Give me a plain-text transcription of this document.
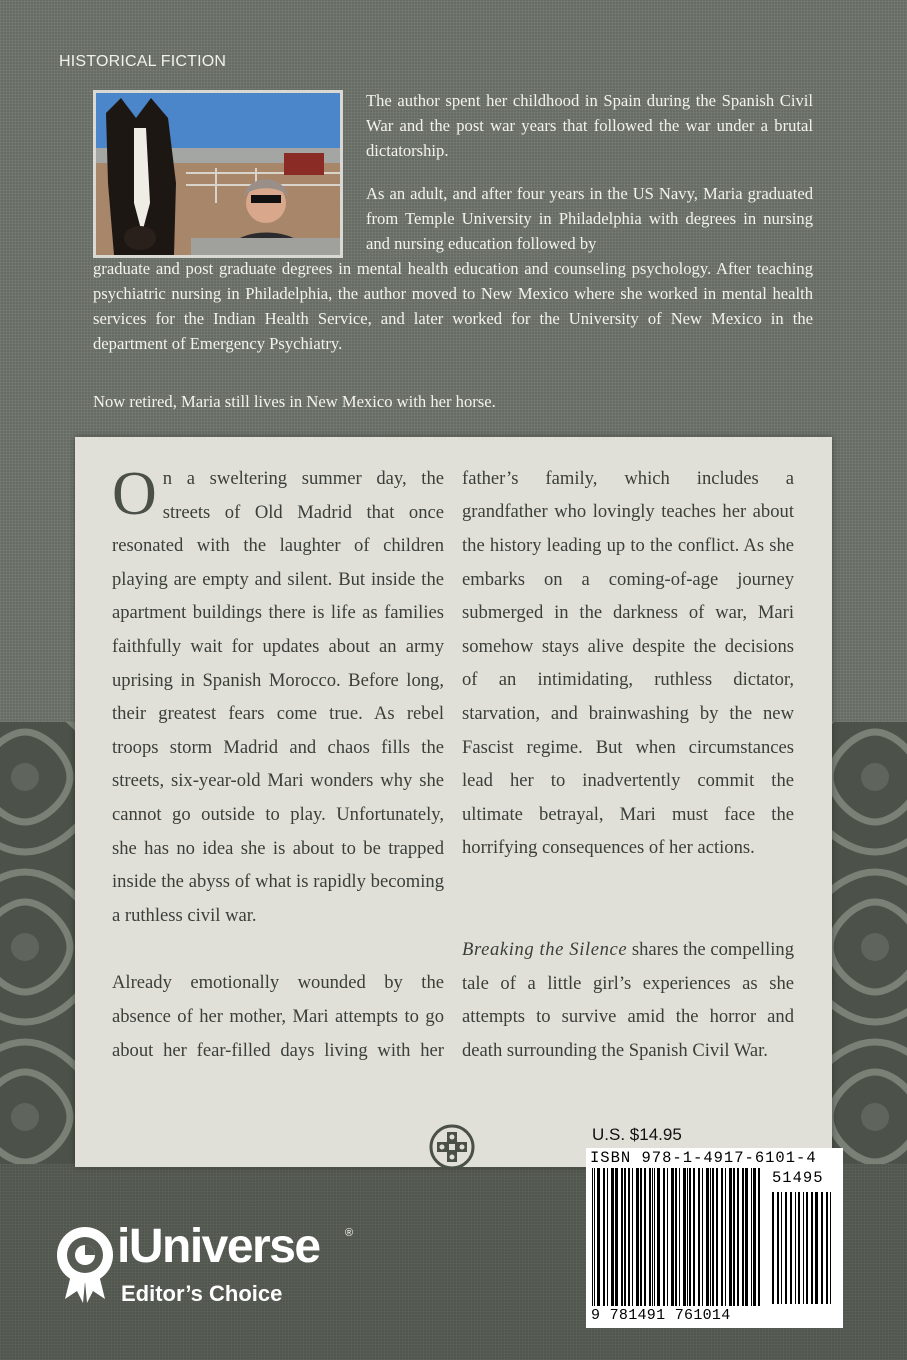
HISTORICAL FICTION

The author spent her childhood in Spain during the Spanish Civil War and the post war years that followed the war under a brutal dictatorship.

As an adult, and after four years in the US Navy, Maria graduated from Temple University in Philadelphia with degrees in nursing and nursing education followed by

graduate and post graduate degrees in mental health education and counseling psychology. After teaching psychiatric nursing in Philadelphia, the author moved to New Mexico where she worked in mental health services for the Indian Health Service, and later worked for the University of New Mexico in the department of Emergency Psychiatry.

Now retired, Maria still lives in New Mexico with her horse.

On a sweltering summer day, the streets of Old Madrid that once resonated with the laughter of children playing are empty and silent. But inside the apartment buildings there is life as families faithfully wait for updates about an army uprising in Spanish Morocco. Before long, their greatest fears come true. As rebel troops storm Madrid and chaos fills the streets, six-year-old Mari wonders why she cannot go outside to play. Unfortunately, she has no idea she is about to be trapped inside the abyss of what is rapidly becoming a ruthless civil war.

Already emotionally wounded by the absence of her mother, Mari attempts to go about her fear-filled days living with her

father’s family, which includes a grandfather who lovingly teaches her about the history leading up to the conflict. As she embarks on a coming-of-age journey submerged in the darkness of war, Mari somehow stays alive despite the decisions of an intimidating, ruthless dictator, starvation, and brainwashing by the new Fascist regime. But when circumstances lead her to inadvertently commit the ultimate betrayal, Mari must face the horrifying consequences of her actions.

Breaking the Silence shares the compelling tale of a little girl’s experiences as she attempts to survive amid the horror and death surrounding the Spanish Civil War.

U.S. $14.95
ISBN 978-1-4917-6101-4
51495
9 781491 761014
iUniverse ®
Editor’s Choice
